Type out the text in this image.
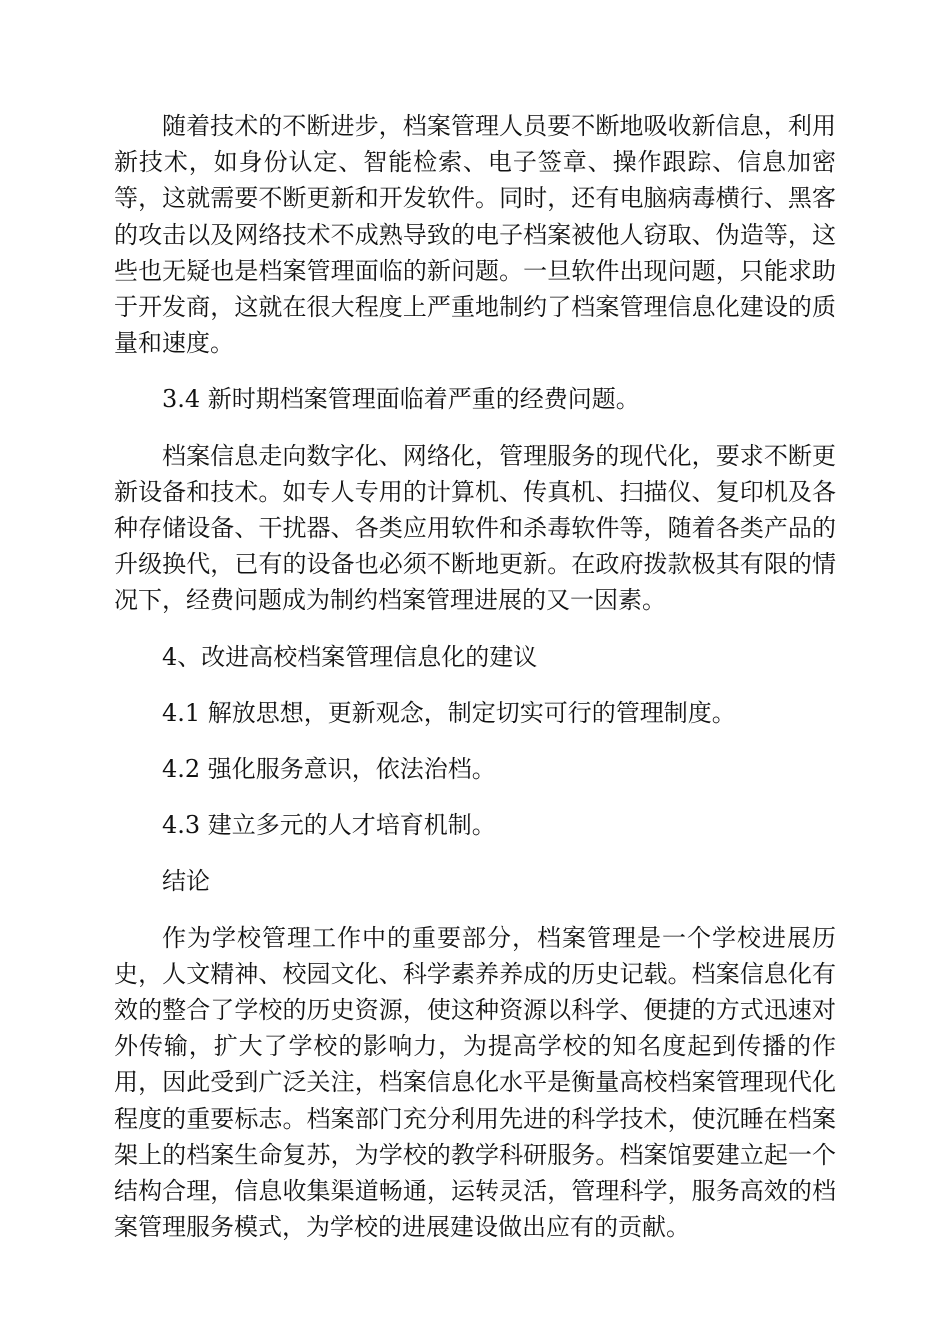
随着技术的不断进步，档案管理人员要不断地吸收新信息，利用新技术，如身份认定、智能检索、电子签章、操作跟踪、信息加密等，这就需要不断更新和开发软件。同时，还有电脑病毒横行、黑客的攻击以及网络技术不成熟导致的电子档案被他人窃取、伪造等，这些也无疑也是档案管理面临的新问题。一旦软件出现问题，只能求助于开发商，这就在很大程度上严重地制约了档案管理信息化建设的质量和速度。

3.4 新时期档案管理面临着严重的经费问题。

档案信息走向数字化、网络化，管理服务的现代化，要求不断更新设备和技术。如专人专用的计算机、传真机、扫描仪、复印机及各种存储设备、干扰器、各类应用软件和杀毒软件等，随着各类产品的升级换代，已有的设备也必须不断地更新。在政府拨款极其有限的情况下，经费问题成为制约档案管理进展的又一因素。

4、改进高校档案管理信息化的建议

4.1 解放思想，更新观念，制定切实可行的管理制度。

4.2 强化服务意识，依法治档。

4.3 建立多元的人才培育机制。

结论

作为学校管理工作中的重要部分，档案管理是一个学校进展历史，人文精神、校园文化、科学素养养成的历史记载。档案信息化有效的整合了学校的历史资源，使这种资源以科学、便捷的方式迅速对外传输，扩大了学校的影响力，为提高学校的知名度起到传播的作用，因此受到广泛关注，档案信息化水平是衡量高校档案管理现代化程度的重要标志。档案部门充分利用先进的科学技术，使沉睡在档案架上的档案生命复苏，为学校的教学科研服务。档案馆要建立起一个结构合理，信息收集渠道畅通，运转灵活，管理科学，服务高效的档案管理服务模式，为学校的进展建设做出应有的贡献。
